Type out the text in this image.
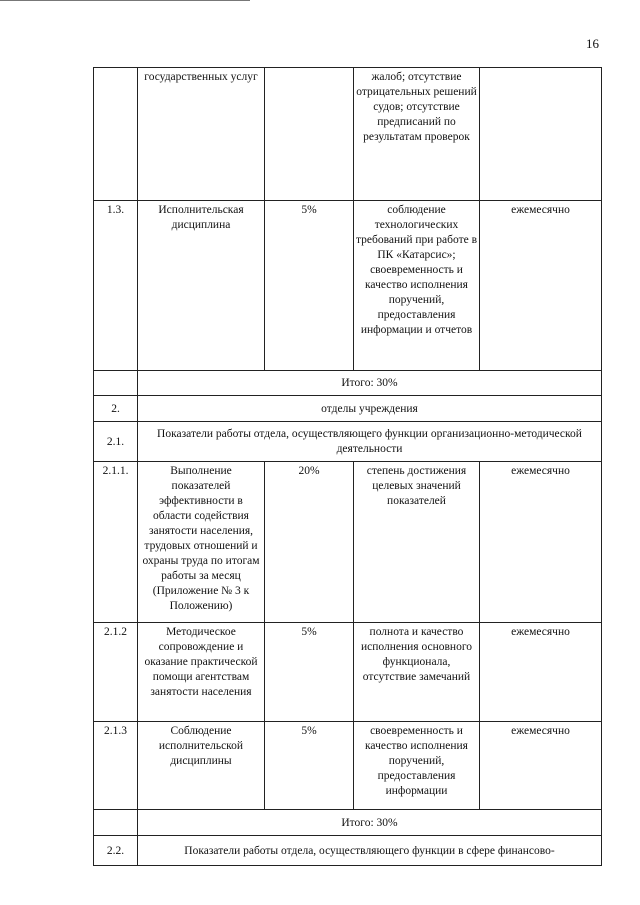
16
	государственных услуг		жалоб; отсутствие отрицательных решений судов; отсутствие предписаний по результатам проверок	
1.3.	Исполнительская дисциплина	5%	соблюдение технологических требований при работе в ПК «Катарсис»; своевременность и качество исполнения поручений, предоставления информации и отчетов	ежемесячно
	Итого: 30%			
2.	отделы учреждения			
2.1.	Показатели работы отдела, осуществляющего функции организационно-методической деятельности			
2.1.1.	Выполнение показателей эффективности в области содействия занятости населения, трудовых отношений и охраны труда по итогам работы за месяц (Приложение № 3 к Положению)	20%	степень достижения целевых значений показателей	ежемесячно
2.1.2	Методическое сопровождение и оказание практической помощи агентствам занятости населения	5%	полнота и качество исполнения основного функционала, отсутствие замечаний	ежемесячно
2.1.3	Соблюдение исполнительской дисциплины	5%	своевременность и качество исполнения поручений, предоставления информации	ежемесячно
	Итого: 30%			
2.2.	Показатели работы отдела, осуществляющего функции в сфере финансово-			
